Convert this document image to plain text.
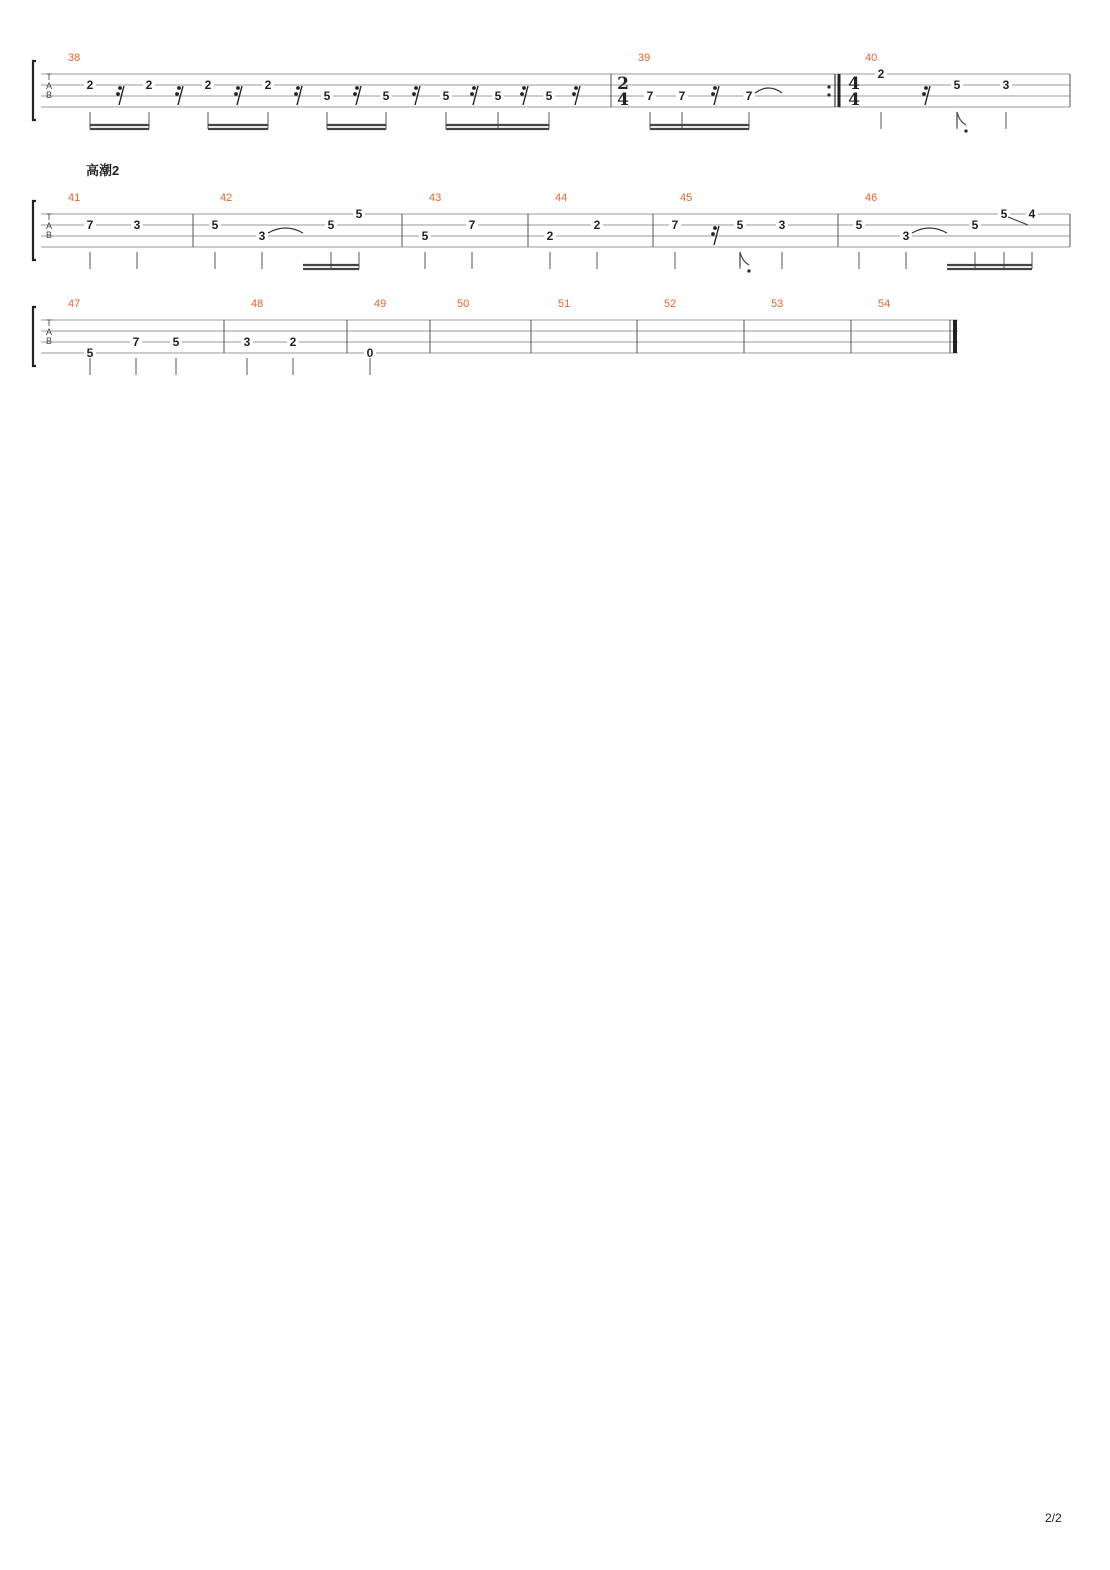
T
A
B
38
2	2	2	2
5	5	5	5	5
39
2
4 7 7	7
40
4
4
2
5	3
T
A
B
41
7	3
42
5
3
5
5
43
5
7
44
2
2
45
7	5	3
46
5
3
5
5 4
T
A
B
47
5
7	5
48
3	2
49
0
50	51	52	53	54
高潮2
2/2
